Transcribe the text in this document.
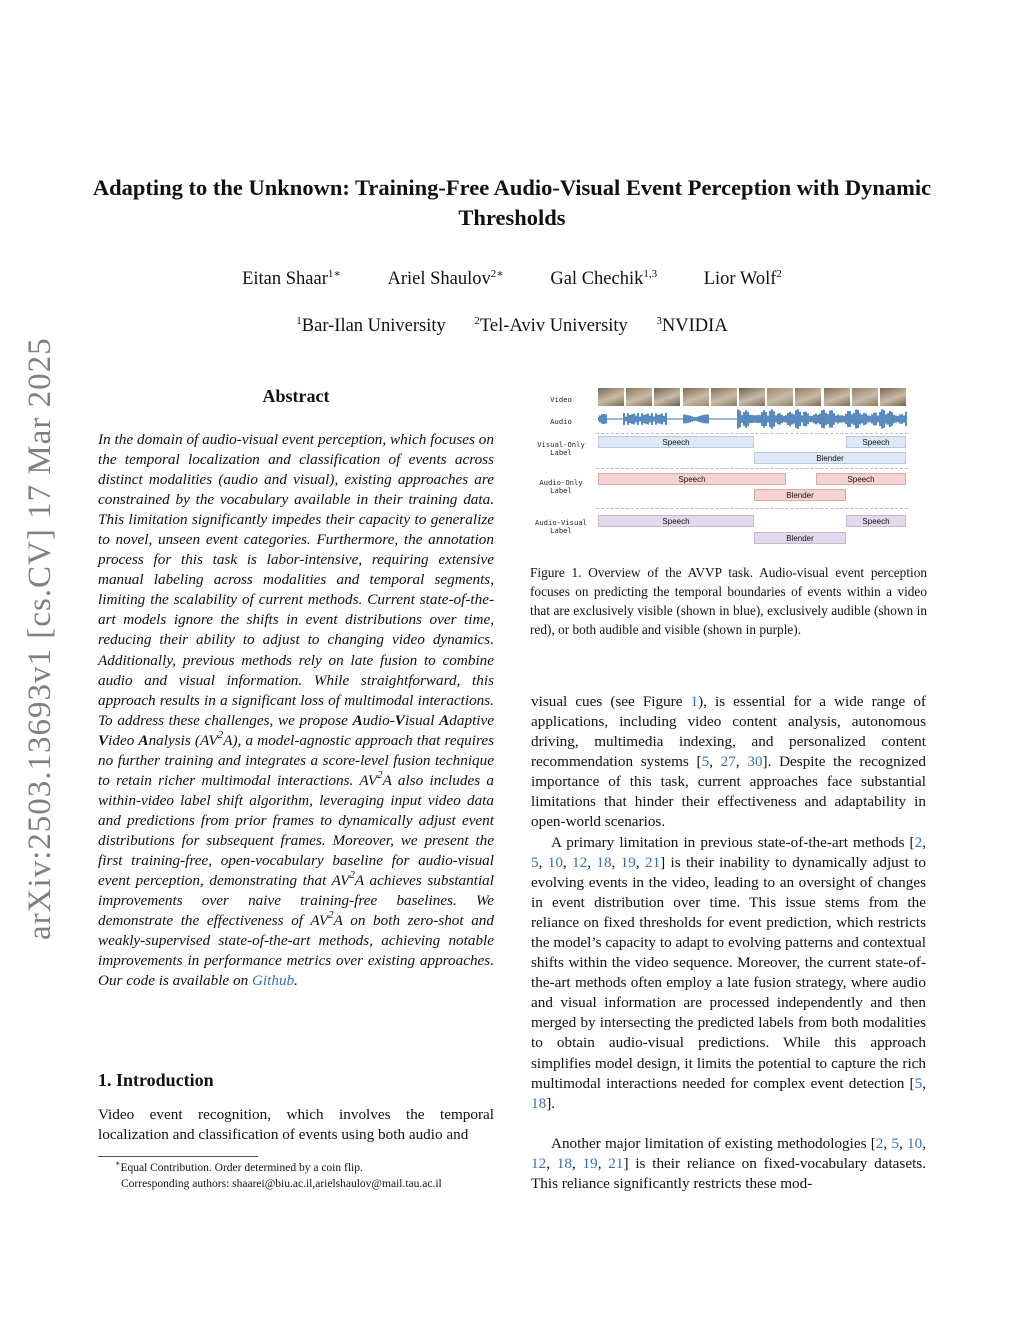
arXiv:2503.13693v1 [cs.CV] 17 Mar 2025
Adapting to the Unknown: Training-Free Audio-Visual Event Perception with Dynamic Thresholds
Eitan Shaar$^{1∗}$	Ariel Shaulov$^{2∗}$	Gal Chechik$^{1,3}$	Lior Wolf$^2$
$^1$Bar-Ilan University	$^2$Tel-Aviv University	$^3$NVIDIA
Abstract
In the domain of audio-visual event perception, which focuses on the temporal localization and classification of events across distinct modalities (audio and visual), existing approaches are constrained by the vocabulary available in their training data. This limitation significantly impedes their capacity to generalize to novel, unseen event categories. Furthermore, the annotation process for this task is labor-intensive, requiring extensive manual labeling across modalities and temporal segments, limiting the scalability of current methods. Current state-of-the-art models ignore the shifts in event distributions over time, reducing their ability to adjust to changing video dynamics. Additionally, previous methods rely on late fusion to combine audio and visual information. While straightforward, this approach results in a significant loss of multimodal interactions. To address these challenges, we propose Audio-Visual Adaptive Video Analysis $(AV^2A)$, a model-agnostic approach that requires no further training and integrates a score-level fusion technique to retain richer multimodal interactions. $AV^2A$ also includes a within-video label shift algorithm, leveraging input video data and predictions from prior frames to dynamically adjust event distributions for subsequent frames. Moreover, we present the first training-free, open-vocabulary baseline for audio-visual event perception, demonstrating that $AV^2A$ achieves substantial improvements over naive training-free baselines. We demonstrate the effectiveness of $AV^2A$ on both zero-shot and weakly-supervised state-of-the-art methods, achieving notable improvements in performance metrics over existing approaches. Our code is available on Github.
1. Introduction
Video event recognition, which involves the temporal localization and classification of events using both audio and
∗Equal Contribution. Order determined by a coin flip.
Corresponding authors: shaarei@biu.ac.il,arielshaulov@mail.tau.ac.il
Video
Audio
Visual-Only Label
Speech	Speech
Blender
Audio-Only Label
Speech	Speech
Blender
Audio-Visual Label
Speech	Speech
Blender
Figure 1. Overview of the AVVP task. Audio-visual event perception focuses on predicting the temporal boundaries of events within a video that are exclusively visible (shown in blue), exclusively audible (shown in red), or both audible and visible (shown in purple).
visual cues (see Figure 1), is essential for a wide range of applications, including video content analysis, autonomous driving, multimedia indexing, and personalized content recommendation systems [5, 27, 30]. Despite the recognized importance of this task, current approaches face substantial limitations that hinder their effectiveness and adaptability in open-world scenarios.
A primary limitation in previous state-of-the-art methods [2, 5, 10, 12, 18, 19, 21] is their inability to dynamically adjust to evolving events in the video, leading to an oversight of changes in event distribution over time. This issue stems from the reliance on fixed thresholds for event prediction, which restricts the model’s capacity to adapt to evolving patterns and contextual shifts within the video sequence. Moreover, the current state-of-the-art methods often employ a late fusion strategy, where audio and visual information are processed independently and then merged by intersecting the predicted labels from both modalities to obtain audio-visual predictions. While this approach simplifies model design, it limits the potential to capture the rich multimodal interactions needed for complex event detection [5, 18].
Another major limitation of existing methodologies [2, 5, 10, 12, 18, 19, 21] is their reliance on fixed-vocabulary datasets. This reliance significantly restricts these mod-
